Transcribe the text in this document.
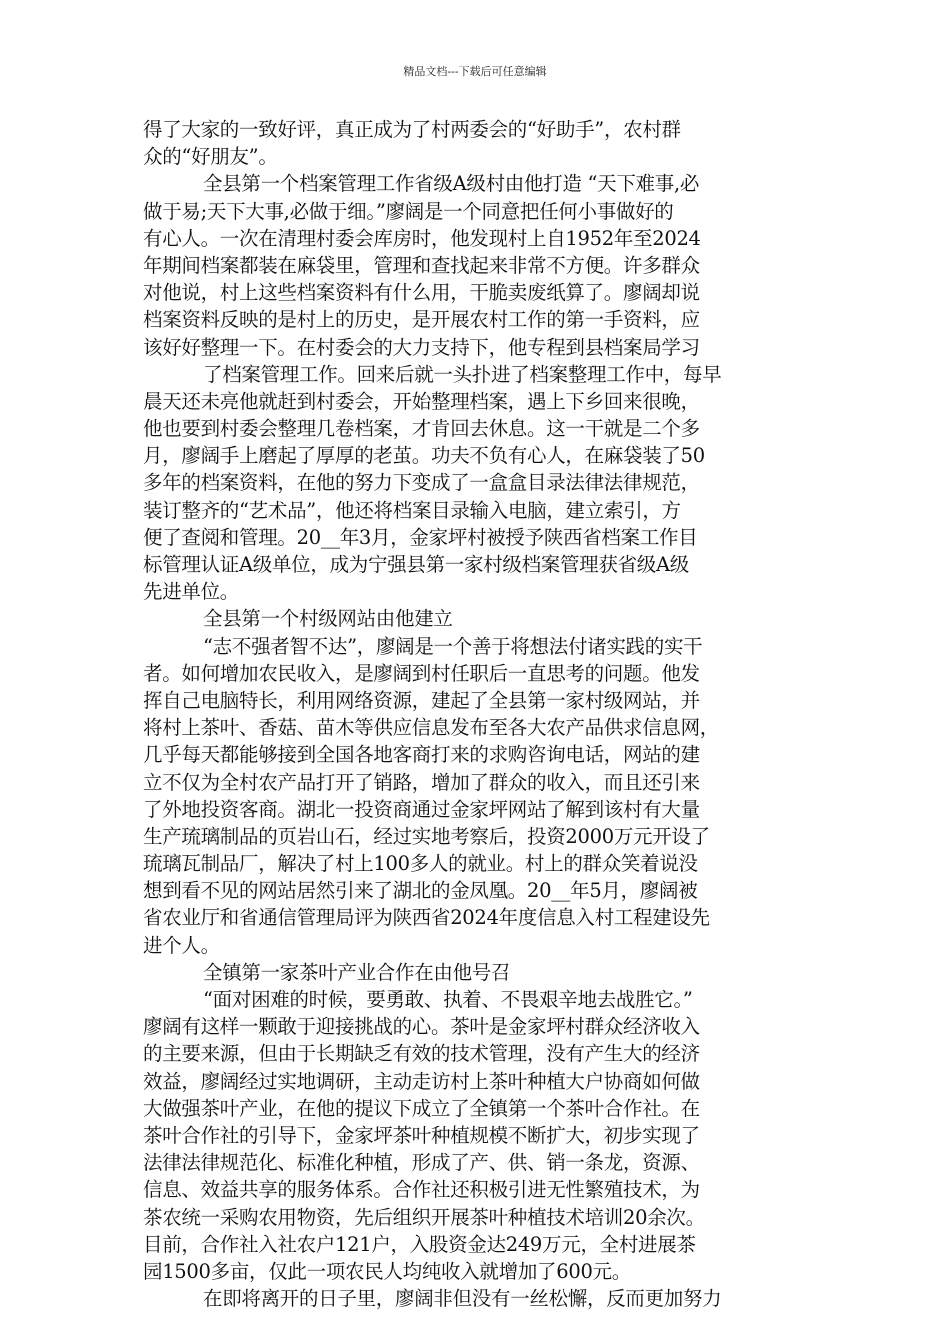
精品文档---下载后可任意编辑
得了大家的一致好评，真正成为了村两委会的“好助手”，农村群
众的“好朋友”。
全县第一个档案管理工作省级A级村由他打造 “天下难事,必
做于易;天下大事,必做于细。”廖阔是一个同意把任何小事做好的
有心人。一次在清理村委会库房时，他发现村上自1952年至2024
年期间档案都装在麻袋里，管理和查找起来非常不方便。许多群众
对他说，村上这些档案资料有什么用，干脆卖废纸算了。廖阔却说
档案资料反映的是村上的历史，是开展农村工作的第一手资料，应
该好好整理一下。在村委会的大力支持下，他专程到县档案局学习
了档案管理工作。回来后就一头扑进了档案整理工作中，每早
晨天还未亮他就赶到村委会，开始整理档案，遇上下乡回来很晚，
他也要到村委会整理几卷档案，才肯回去休息。这一干就是二个多
月，廖阔手上磨起了厚厚的老茧。功夫不负有心人，在麻袋装了50
多年的档案资料，在他的努力下变成了一盒盒目录法律法律规范，
装订整齐的“艺术品”，他还将档案目录输入电脑，建立索引，方
便了查阅和管理。20__年3月，金家坪村被授予陕西省档案工作目
标管理认证A级单位，成为宁强县第一家村级档案管理获省级A级
先进单位。
全县第一个村级网站由他建立
“志不强者智不达”，廖阔是一个善于将想法付诸实践的实干
者。如何增加农民收入，是廖阔到村任职后一直思考的问题。他发
挥自己电脑特长，利用网络资源，建起了全县第一家村级网站，并
将村上茶叶、香菇、苗木等供应信息发布至各大农产品供求信息网，
几乎每天都能够接到全国各地客商打来的求购咨询电话，网站的建
立不仅为全村农产品打开了销路，增加了群众的收入，而且还引来
了外地投资客商。湖北一投资商通过金家坪网站了解到该村有大量
生产琉璃制品的页岩山石，经过实地考察后，投资2000万元开设了
琉璃瓦制品厂，解决了村上100多人的就业。村上的群众笑着说没
想到看不见的网站居然引来了湖北的金凤凰。20__年5月，廖阔被
省农业厅和省通信管理局评为陕西省2024年度信息入村工程建设先
进个人。
全镇第一家茶叶产业合作在由他号召
“面对困难的时候，要勇敢、执着、不畏艰辛地去战胜它。”
廖阔有这样一颗敢于迎接挑战的心。茶叶是金家坪村群众经济收入
的主要来源，但由于长期缺乏有效的技术管理，没有产生大的经济
效益，廖阔经过实地调研，主动走访村上茶叶种植大户协商如何做
大做强茶叶产业，在他的提议下成立了全镇第一个茶叶合作社。在
茶叶合作社的引导下，金家坪茶叶种植规模不断扩大，初步实现了
法律法律规范化、标准化种植，形成了产、供、销一条龙，资源、
信息、效益共享的服务体系。合作社还积极引进无性繁殖技术，为
茶农统一采购农用物资，先后组织开展茶叶种植技术培训20余次。
目前，合作社入社农户121户，入股资金达249万元，全村进展茶
园1500多亩，仅此一项农民人均纯收入就增加了600元。
在即将离开的日子里，廖阔非但没有一丝松懈，反而更加努力
